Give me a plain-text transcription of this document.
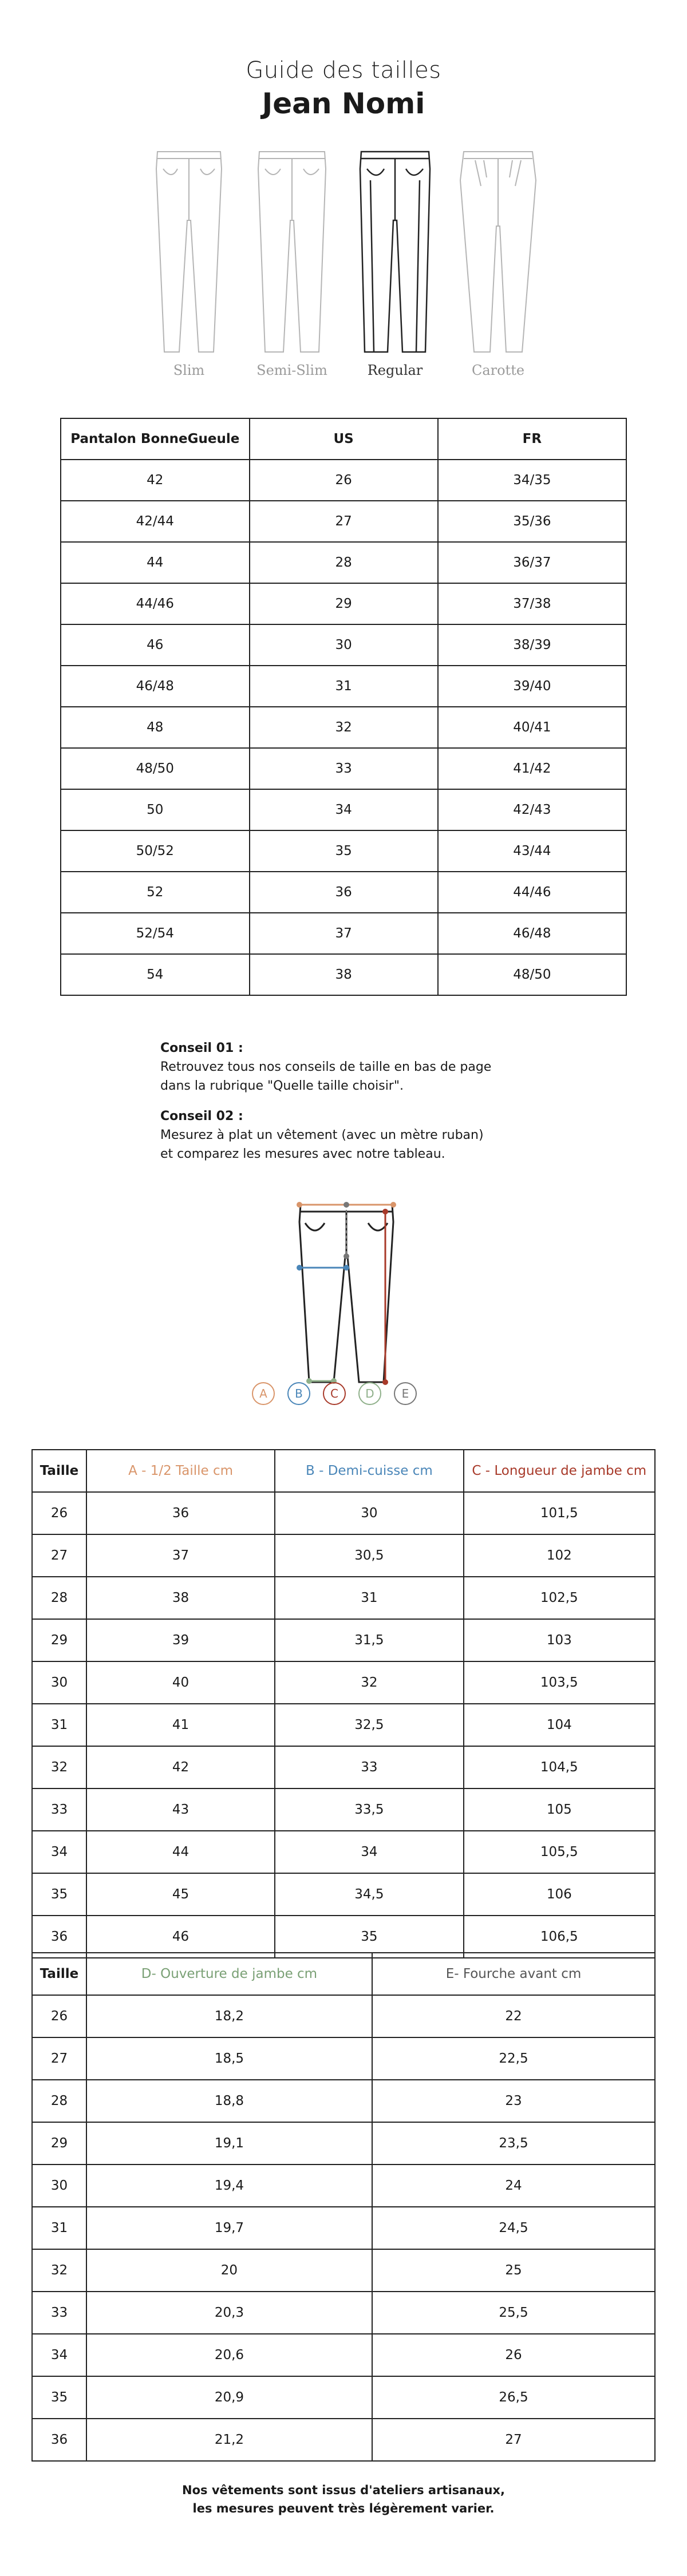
Guide des tailles
Jean Nomi
Slim	Semi-Slim	Regular	Carotte
Pantalon BonneGueule	US	FR
42	26	34/35
42/44	27	35/36
44	28	36/37
44/46	29	37/38
46	30	38/39
46/48	31	39/40
48	32	40/41
48/50	33	41/42
50	34	42/43
50/52	35	43/44
52	36	44/46
52/54	37	46/48
54	38	48/50
Conseil 01 :
Retrouvez tous nos conseils de taille en bas de page
dans la rubrique "Quelle taille choisir".
Conseil 02 :
Mesurez à plat un vêtement (avec un mètre ruban)
et comparez les mesures avec notre tableau.
A	B	C	D	E
Taille	A - 1/2 Taille cm	B - Demi-cuisse cm	C - Longueur de jambe cm
26	36	30	101,5
27	37	30,5	102
28	38	31	102,5
29	39	31,5	103
30	40	32	103,5
31	41	32,5	104
32	42	33	104,5
33	43	33,5	105
34	44	34	105,5
35	45	34,5	106
36	46	35	106,5
Taille	D- Ouverture de jambe cm	E- Fourche avant cm
26	18,2	22
27	18,5	22,5
28	18,8	23
29	19,1	23,5
30	19,4	24
31	19,7	24,5
32	20	25
33	20,3	25,5
34	20,6	26
35	20,9	26,5
36	21,2	27
Nos vêtements sont issus d'ateliers artisanaux,
les mesures peuvent très légèrement varier.
